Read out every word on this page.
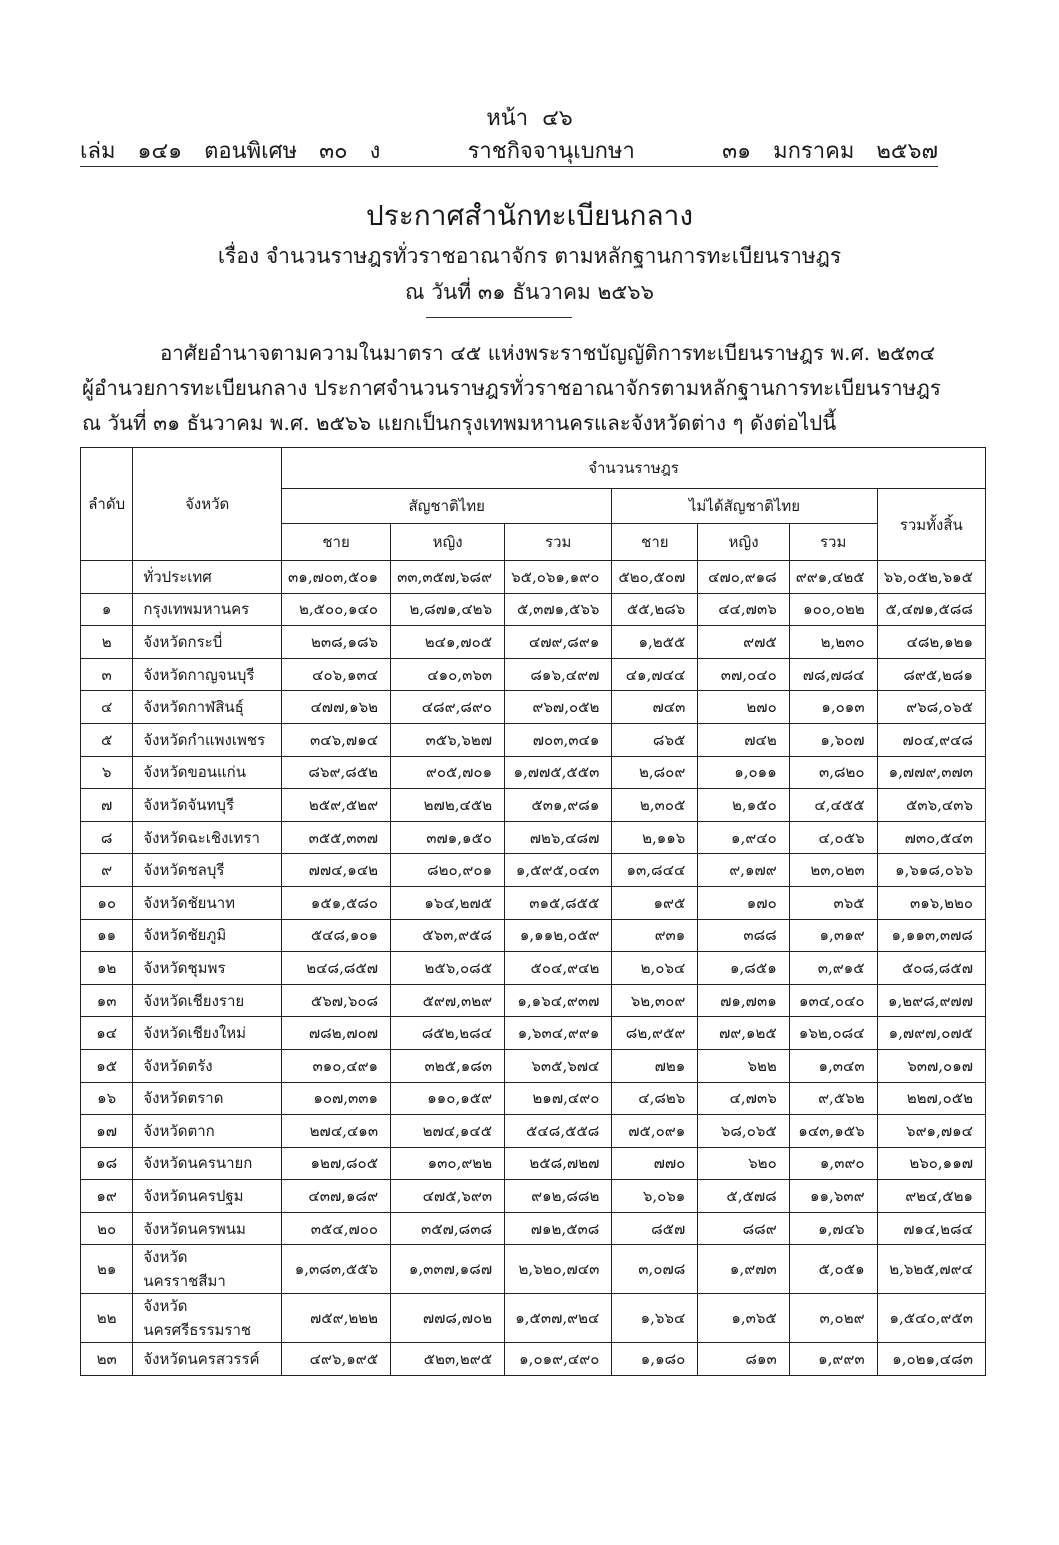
หน้า ๔๖
เล่ม ๑๔๑ ตอนพิเศษ ๓๐ ง	ราชกิจจานุเบกษา	๓๑ มกราคม ๒๕๖๗
ประกาศสำนักทะเบียนกลาง
เรื่อง จำนวนราษฎรทั่วราชอาณาจักร ตามหลักฐานการทะเบียนราษฎร
ณ วันที่ ๓๑ ธันวาคม ๒๕๖๖

อาศัยอำนาจตามความในมาตรา ๔๕ แห่งพระราชบัญญัติการทะเบียนราษฎร พ.ศ. ๒๕๓๔

ผู้อำนวยการทะเบียนกลาง ประกาศจำนวนราษฎรทั่วราชอาณาจักรตามหลักฐานการทะเบียนราษฎร

ณ วันที่ ๓๑ ธันวาคม พ.ศ. ๒๕๖๖ แยกเป็นกรุงเทพมหานครและจังหวัดต่าง ๆ ดังต่อไปนี้

ลำดับ	จังหวัด	จำนวนราษฎร						
		สัญชาติไทย			ไม่ได้สัญชาติไทย			รวมทั้งสิ้น
		ชาย	หญิง	รวม	ชาย	หญิง	รวม	
	ทั่วประเทศ	๓๑,๗๐๓,๕๐๑	๓๓,๓๕๗,๖๘๙	๖๕,๐๖๑,๑๙๐	๕๒๐,๕๐๗	๔๗๐,๙๑๘	๙๙๑,๔๒๕	๖๖,๐๕๒,๖๑๕
๑	กรุงเทพมหานคร	๒,๕๐๐,๑๔๐	๒,๘๗๑,๔๒๖	๕,๓๗๑,๕๖๖	๕๕,๒๘๖	๔๔,๗๓๖	๑๐๐,๐๒๒	๕,๔๗๑,๕๘๘
๒	จังหวัดกระบี่	๒๓๘,๑๘๖	๒๔๑,๗๐๕	๔๗๙,๘๙๑	๑,๒๕๕	๙๗๕	๒,๒๓๐	๔๘๒,๑๒๑
๓	จังหวัดกาญจนบุรี	๔๐๖,๑๓๔	๔๑๐,๓๖๓	๘๑๖,๔๙๗	๔๑,๗๔๔	๓๗,๐๔๐	๗๘,๗๘๔	๘๙๕,๒๘๑
๔	จังหวัดกาฬสินธุ์	๔๗๗,๑๖๒	๔๘๙,๘๙๐	๙๖๗,๐๕๒	๗๔๓	๒๗๐	๑,๐๑๓	๙๖๘,๐๖๕
๕	จังหวัดกำแพงเพชร	๓๔๖,๗๑๔	๓๕๖,๖๒๗	๗๐๓,๓๔๑	๘๖๕	๗๔๒	๑,๖๐๗	๗๐๔,๙๔๘
๖	จังหวัดขอนแก่น	๘๖๙,๘๕๒	๙๐๕,๗๐๑	๑,๗๗๕,๕๕๓	๒,๘๐๙	๑,๐๑๑	๓,๘๒๐	๑,๗๗๙,๓๗๓
๗	จังหวัดจันทบุรี	๒๕๙,๕๒๙	๒๗๒,๔๕๒	๕๓๑,๙๘๑	๒,๓๐๕	๒,๑๕๐	๔,๔๕๕	๕๓๖,๔๓๖
๘	จังหวัดฉะเชิงเทรา	๓๕๕,๓๓๗	๓๗๑,๑๕๐	๗๒๖,๔๘๗	๒,๑๑๖	๑,๙๔๐	๔,๐๕๖	๗๓๐,๕๔๓
๙	จังหวัดชลบุรี	๗๗๔,๑๔๒	๘๒๐,๙๐๑	๑,๕๙๕,๐๔๓	๑๓,๘๔๔	๙,๑๗๙	๒๓,๐๒๓	๑,๖๑๘,๐๖๖
๑๐	จังหวัดชัยนาท	๑๕๑,๕๘๐	๑๖๔,๒๗๕	๓๑๕,๘๕๕	๑๙๕	๑๗๐	๓๖๕	๓๑๖,๒๒๐
๑๑	จังหวัดชัยภูมิ	๕๔๘,๑๐๑	๕๖๓,๙๕๘	๑,๑๑๒,๐๕๙	๙๓๑	๓๘๘	๑,๓๑๙	๑,๑๑๓,๓๗๘
๑๒	จังหวัดชุมพร	๒๔๘,๘๕๗	๒๕๖,๐๘๕	๕๐๔,๙๔๒	๒,๐๖๔	๑,๘๕๑	๓,๙๑๕	๕๐๘,๘๕๗
๑๓	จังหวัดเชียงราย	๕๖๗,๖๐๘	๕๙๗,๓๒๙	๑,๑๖๔,๙๓๗	๖๒,๓๐๙	๗๑,๗๓๑	๑๓๔,๐๔๐	๑,๒๙๘,๙๗๗
๑๔	จังหวัดเชียงใหม่	๗๘๒,๗๐๗	๘๕๒,๒๘๔	๑,๖๓๔,๙๙๑	๘๒,๙๕๙	๗๙,๑๒๕	๑๖๒,๐๘๔	๑,๗๙๗,๐๗๕
๑๕	จังหวัดตรัง	๓๑๐,๔๙๑	๓๒๕,๑๘๓	๖๓๕,๖๗๔	๗๒๑	๖๒๒	๑,๓๔๓	๖๓๗,๐๑๗
๑๖	จังหวัดตราด	๑๐๗,๓๓๑	๑๑๐,๑๕๙	๒๑๗,๔๙๐	๔,๘๒๖	๔,๗๓๖	๙,๕๖๒	๒๒๗,๐๕๒
๑๗	จังหวัดตาก	๒๗๔,๔๑๓	๒๗๔,๑๔๕	๕๔๘,๕๕๘	๗๕,๐๙๑	๖๘,๐๖๕	๑๔๓,๑๕๖	๖๙๑,๗๑๔
๑๘	จังหวัดนครนายก	๑๒๗,๘๐๕	๑๓๐,๙๒๒	๒๕๘,๗๒๗	๗๗๐	๖๒๐	๑,๓๙๐	๒๖๐,๑๑๗
๑๙	จังหวัดนครปฐม	๔๓๗,๑๘๙	๔๗๕,๖๙๓	๙๑๒,๘๘๒	๖,๐๖๑	๕,๕๗๘	๑๑,๖๓๙	๙๒๔,๕๒๑
๒๐	จังหวัดนครพนม	๓๕๔,๗๐๐	๓๕๗,๘๓๘	๗๑๒,๕๓๘	๘๕๗	๘๘๙	๑,๗๔๖	๗๑๔,๒๘๔
๒๑	จังหวัดนครราชสีมา	๑,๓๘๓,๕๕๖	๑,๓๓๗,๑๘๗	๒,๖๒๐,๗๔๓	๓,๐๗๘	๑,๙๗๓	๕,๐๕๑	๒,๖๒๕,๗๙๔
๒๒	จังหวัดนครศรีธรรมราช	๗๕๙,๒๒๒	๗๗๘,๗๐๒	๑,๕๓๗,๙๒๔	๑,๖๖๔	๑,๓๖๕	๓,๐๒๙	๑,๕๔๐,๙๕๓
๒๓	จังหวัดนครสวรรค์	๔๙๖,๑๙๕	๕๒๓,๒๙๕	๑,๐๑๙,๔๙๐	๑,๑๘๐	๘๑๓	๑,๙๙๓	๑,๐๒๑,๔๘๓
